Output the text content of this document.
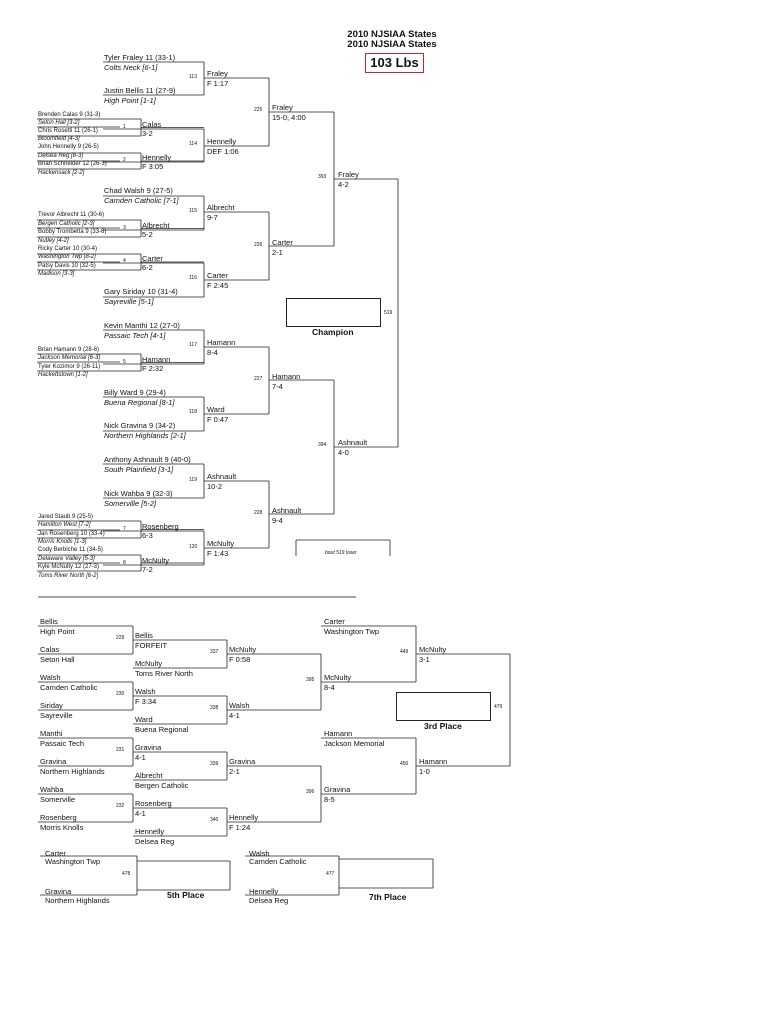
2010 NJSIAA States
2010 NJSIAA States
103 Lbs
Tyler Fraley 11 (33-1)
Colts Neck [6-1]
Justin Bellis 11 (27-9)
High Point [1-1]
Chad Walsh 9 (27-5)
Camden Catholic [7-1]
Gary Siriday 10 (31-4)
Sayreville [5-1]
Kevin Manthi 12 (27-0)
Passaic Tech [4-1]
Billy Ward 9 (29-4)
Buena Regional [8-1]
Nick Gravina 9 (34-2)
Northern Highlands [2-1]
Anthony Ashnault 9 (40-0)
South Plainfield [3-1]
Nick Wahba 9 (32-3)
Somerville [5-2]
Brenden Calas 9 (31-3)
Seton Hall [3-2]
Chris Rosetti 11 (26-1)
Bloomfield [4-3]
John Hennelly 9 (26-5)
Delsea Reg [8-3]
Brian Schneider 12 (26-3)
Hackensack [2-2]
Trevor Albrecht 11 (30-6)
Bergen Catholic [2-3]
Bobby Trombetta 9 (33-6)
Nutley [4-2]
Ricky Carter 10 (30-4)
Washington Twp [8-2]
Patsy Davis 10 (32-5)
Madison [3-3]
Brian Hamann 9 (28-6)
Jackson Memorial [6-3]
Tyler Kozimor 9 (26-11)
Hackettstown [1-2]
Jared Staub 9 (25-5)
Hamilton West [7-2]
Jan Rosenberg 10 (33-4)
Morris Knolls [1-3]
Cody Berbiche 11 (34-5)
Delaware Valley [5-3]
Kyle McNulty 12 (27-3)
Toms River North [6-2]
1
2
3
4
5
7
8
Calas
3-2
Hennelly
F 3:05
Albrecht
5-2
Carter
6-2
Hamann
F 2:32
Rosenberg
6-3
McNulty
7-2
113 Fraley
F 1:17
114 Hennelly
DEF 1:06
115 Albrecht
9-7
116 Carter
F 2:45
117 Hamann
8-4
118 Ward
F 0:47
119 Ashnault
10-2
120 McNulty
F 1:43
225 Fraley
15-0, 4:00
226 Carter
2-1
227 Hamann
7-4
228 Ashnault
9-4
393 Fraley
4-2
394 Ashnault
4-0
519
Champion
bout 519 loser
Bellis
High Point
Calas
Seton Hall
229
Walsh
Camden Catholic
Siriday
Sayreville
230
Manthi
Passaic Tech
Gravina
Northern Highlands
231
Wahba
Somerville
Rosenberg
Morris Knolls
232
Bellis
FORFEIT
McNulty
Toms River North
337
Walsh
F 3:34
Ward
Buena Regional
338
Gravina
4-1
Albrecht
Bergen Catholic
339
Rosenberg
4-1
Hennelly
Delsea Reg
340
McNulty
F 0:58
Walsh
4-1
Gravina
2-1
Hennelly
F 1:24
Carter
Washington Twp
395 McNulty
8-4
Hamann
Jackson Memorial
396 Gravina
8-5
449 McNulty
3-1
450 Hamann
1-0
479
3rd Place
Carter
Washington Twp
Gravina
Northern Highlands
478
5th Place
Walsh
Camden Catholic
Hennelly
Delsea Reg
477
7th Place
